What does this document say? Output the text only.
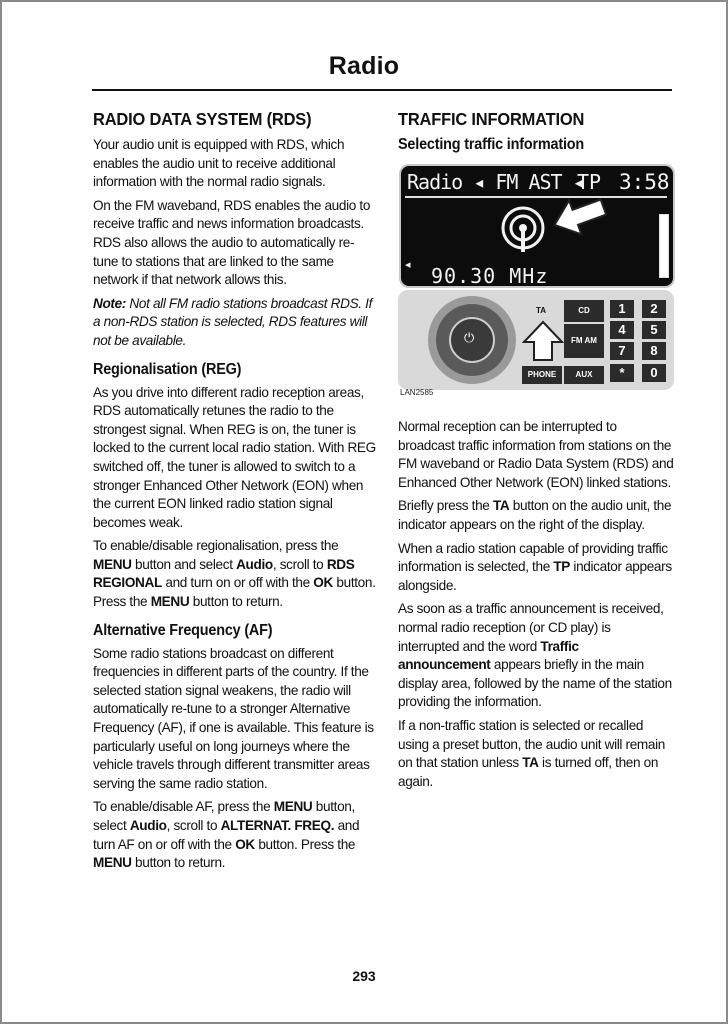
Radio
RADIO DATA SYSTEM (RDS)

Your audio unit is equipped with RDS, which enables the audio unit to receive additional information with the normal radio signals.

On the FM waveband, RDS enables the audio to receive traffic and news information broadcasts. RDS also allows the audio to automatically re-tune to stations that are linked to the same network if that network allows this.

Note: Not all FM radio stations broadcast RDS. If a non-RDS station is selected, RDS features will not be available.

Regionalisation (REG)

As you drive into different radio reception areas, RDS automatically retunes the radio to the strongest signal. When REG is on, the tuner is locked to the current local radio station. With REG switched off, the tuner is allowed to switch to a stronger Enhanced Other Network (EON) when the current EON linked radio station signal becomes weak.

To enable/disable regionalisation, press the MENU button and select Audio, scroll to RDS REGIONAL and turn on or off with the OK button. Press the MENU button to return.

Alternative Frequency (AF)

Some radio stations broadcast on different frequencies in different parts of the country. If the selected station signal weakens, the radio will automatically re-tune to a stronger Alternative Frequency (AF), if one is available. This feature is particularly useful on long journeys where the vehicle travels through different transmitter areas serving the same radio station.

To enable/disable AF, press the MENU button, select Audio, scroll to ALTERNAT. FREQ. and turn AF on or off with the OK button. Press the MENU button to return.

TRAFFIC INFORMATION
Selecting traffic information
Radio ◂ FM AST ◂
TP 3:58
◂ 90.30 MHz
⏻
TA	CD
FM AM
PHONE	AUX
1	2
4	5
7	8
*	0
LAN2585

Normal reception can be interrupted to broadcast traffic information from stations on the FM waveband or Radio Data System (RDS) and Enhanced Other Network (EON) linked stations.

Briefly press the TA button on the audio unit, the indicator appears on the right of the display.

When a radio station capable of providing traffic information is selected, the TP indicator appears alongside.

As soon as a traffic announcement is received, normal radio reception (or CD play) is interrupted and the word Traffic announcement appears briefly in the main display area, followed by the name of the station providing the information.

If a non-traffic station is selected or recalled using a preset button, the audio unit will remain on that station unless TA is turned off, then on again.

293
